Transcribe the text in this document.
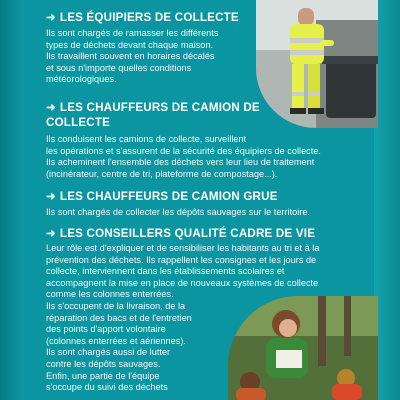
➜ LES ÉQUIPIERS DE COLLECTE

Ils sont chargés de ramasser les différents
types de déchets devant chaque maison.
Ils travaillent souvent en horaires décalés
et sous n'importe quelles conditions
météorologiques.

➜ LES CHAUFFEURS DE CAMION DE
COLLECTE

Ils conduisent les camions de collecte, surveillent
les opérations et s'assurent de la sécurité des équipiers de collecte.
Ils acheminent l'ensemble des déchets vers leur lieu de traitement
(incinérateur, centre de tri, plateforme de compostage...).

➜ LES CHAUFFEURS DE CAMION GRUE

Ils sont chargés de collecter les dépôts sauvages sur le territoire.

➜ LES CONSEILLERS QUALITÉ CADRE DE VIE

Leur rôle est d'expliquer et de sensibiliser les habitants au tri et à la
prévention des déchets. Ils rappellent les consignes et les jours de
collecte, interviennent dans les établissements scolaires et
accompagnent la mise en place de nouveaux systèmes de collecte
comme les colonnes enterrées.
Ils s'occupent de la livraison, de la
réparation des bacs et de l'entretien
des points d'apport volontaire
(colonnes enterrées et aériennes).
Ils sont chargés aussi de lutter
contre les dépôts sauvages.
Enfin, une partie de l'équipe
s'occupe du suivi des déchets
